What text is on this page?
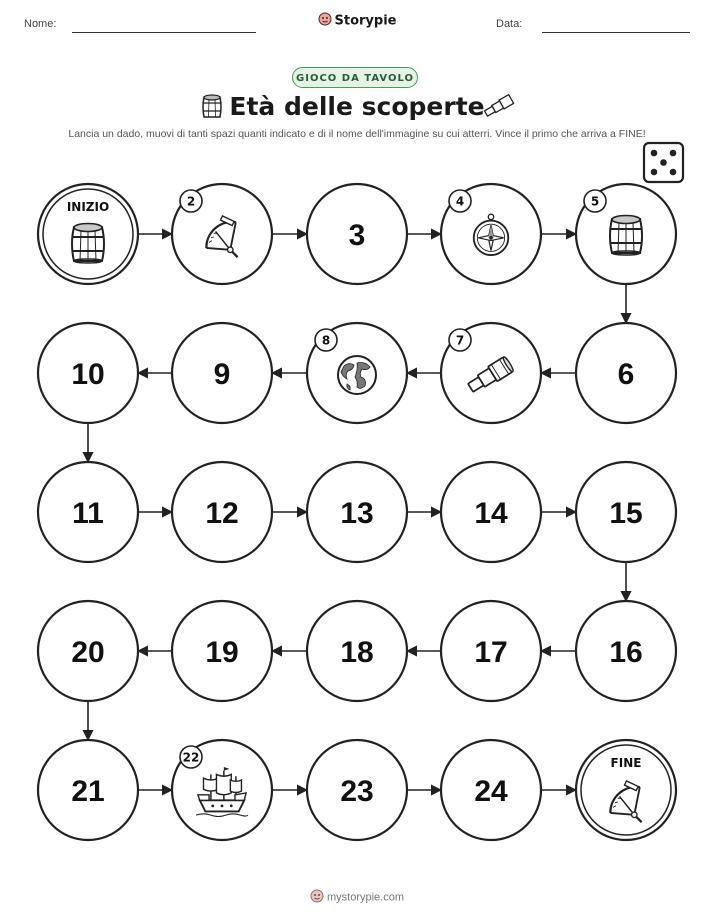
Nome:	Storypie	Data:
GIOCO DA TAVOLO
Età delle scoperte
Lancia un dado, muovi di tanti spazi quanti indicato e di il nome dell'immagine su cui atterri. Vince il primo che arriva a FINE!
INIZIO	2
3
4	5
6
7
8
9
10
11	12	13	14	15
16
17
18
19
20
21
22
23	24
FINE
mystorypie.com
